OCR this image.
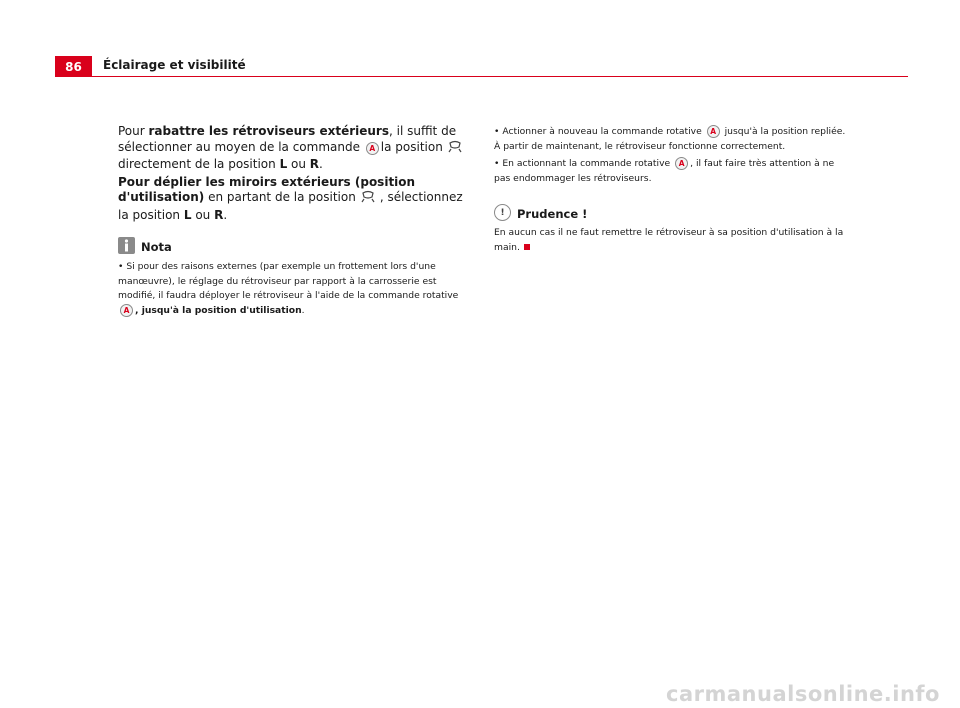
86	Éclairage et visibilité

Pour rabattre les rétroviseurs extérieurs, il suffit de sélectionner au moyen de la commande A la positiondirectement de la position L ou R.

Pour déplier les miroirs extérieurs (position d'utilisation) en partant de la position , sélectionnez la position L ou R.

Nota

• Si pour des raisons externes (par exemple un frottement lors d'une manœuvre), le réglage du rétroviseur par rapport à la carrosserie est modifié, il faudra déployer le rétroviseur à l'aide de la commande rotative A , jusqu'à la position d'utilisation.

• Actionner à nouveau la commande rotative A jusqu'à la position repliée. À partir de maintenant, le rétroviseur fonctionne correctement.

• En actionnant la commande rotative A , il faut faire très attention à ne pas endommager les rétroviseurs.

!	Prudence !

En aucun cas il ne faut remettre le rétroviseur à sa position d'utilisation à la main.

carmanualsonline.info
